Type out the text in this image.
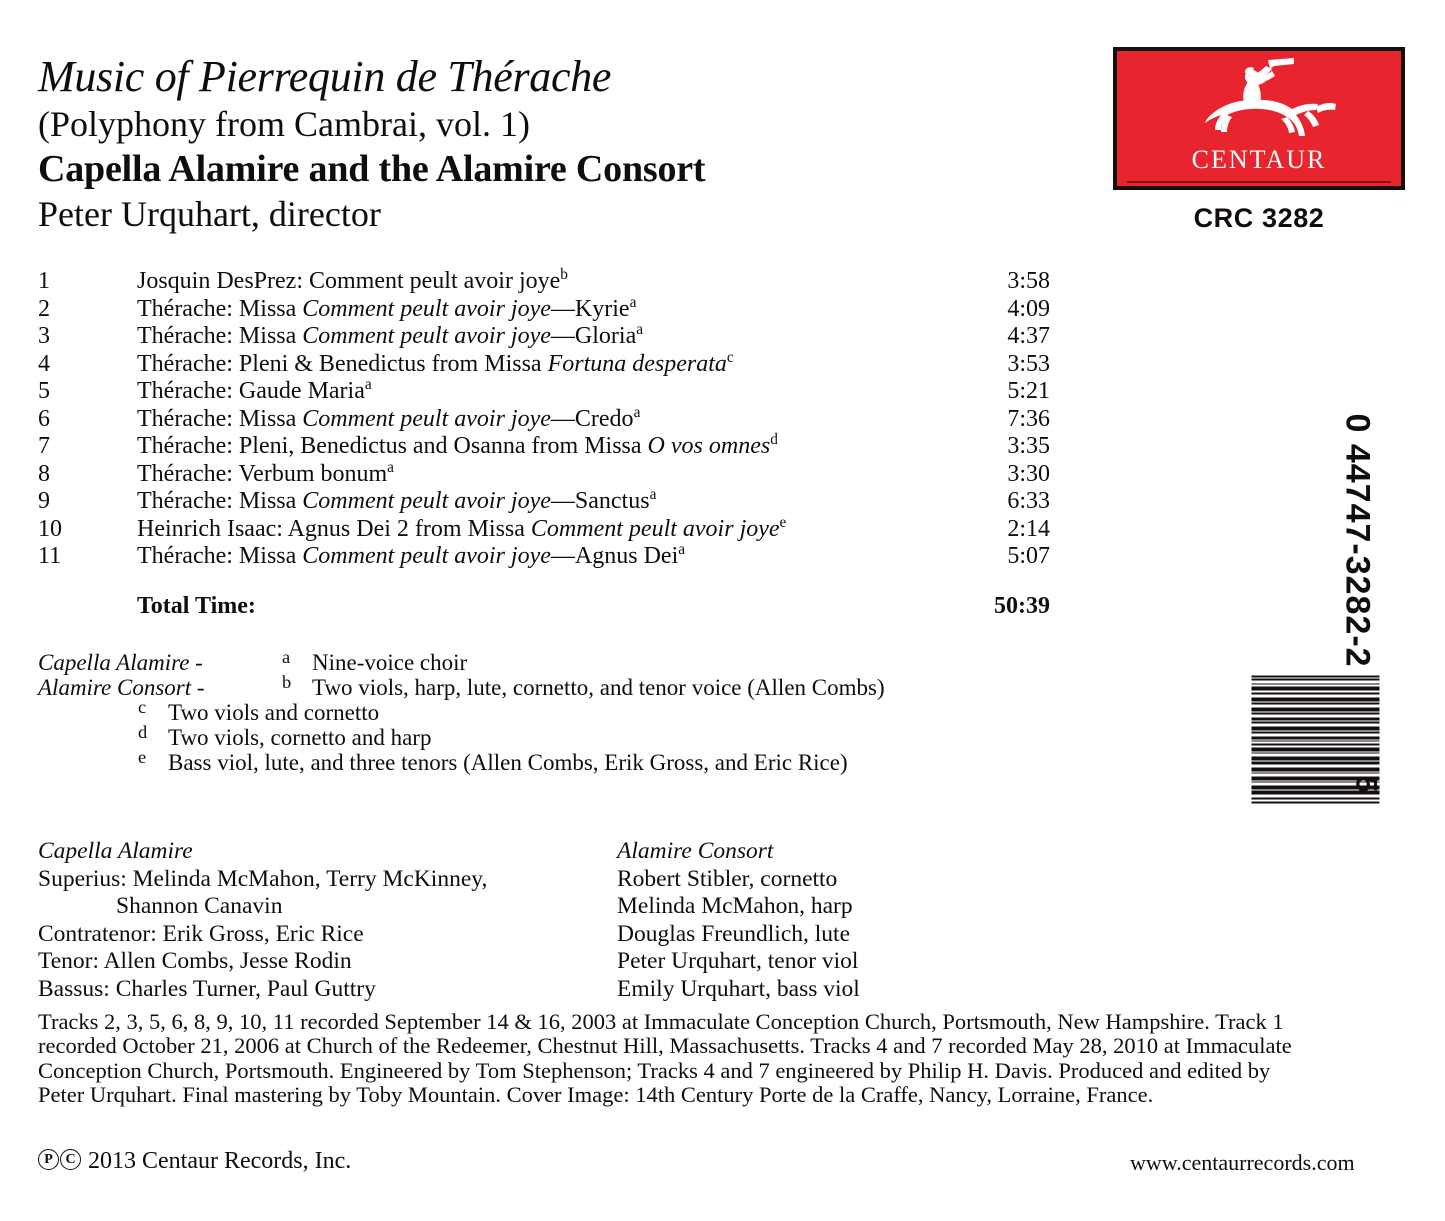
Music of Pierrequin de Thérache
(Polyphony from Cambrai, vol. 1)
Capella Alamire and the Alamire Consort
Peter Urquhart, director
centaur
CRC 3282
1	Josquin DesPrez: Comment peult avoir joye$^b$	3:58
2	Thérache: Missa Comment peult avoir joye—Kyrie$^a$	4:09
3	Thérache: Missa Comment peult avoir joye—Gloria$^a$	4:37
4	Thérache: Pleni & Benedictus from Missa Fortuna desperata$^c$	3:53
5	Thérache: Gaude Maria$^a$	5:21
6	Thérache: Missa Comment peult avoir joye—Credo$^a$	7:36
7	Thérache: Pleni, Benedictus and Osanna from Missa O vos omnes$^d$	3:35
8	Thérache: Verbum bonum$^a$	3:30
9	Thérache: Missa Comment peult avoir joye—Sanctus$^a$	6:33
10	Heinrich Isaac: Agnus Dei 2 from Missa Comment peult avoir joye$^e$	2:14
11	Thérache: Missa Comment peult avoir joye—Agnus Dei$^a$	5:07
Total Time:	50:39
Capella Alamire -	a Nine-voice choir
Alamire Consort -	b Two viols, harp, lute, cornetto, and tenor voice (Allen Combs)
c Two viols and cornetto
d Two viols, cornetto and harp
e Bass viol, lute, and three tenors (Allen Combs, Erik Gross, and Eric Rice)
Capella Alamire
Superius: Melinda McMahon, Terry McKinney,
Shannon Canavin
Contratenor: Erik Gross, Eric Rice
Tenor: Allen Combs, Jesse Rodin
Bassus: Charles Turner, Paul Guttry
Alamire Consort
Robert Stibler, cornetto
Melinda McMahon, harp
Douglas Freundlich, lute
Peter Urquhart, tenor viol
Emily Urquhart, bass viol
Tracks 2, 3, 5, 6, 8, 9, 10, 11 recorded September 14 & 16, 2003 at Immaculate Conception Church, Portsmouth, New Hampshire. Track 1
recorded October 21, 2006 at Church of the Redeemer, Chestnut Hill, Massachusetts. Tracks 4 and 7 recorded May 28, 2010 at Immaculate
Conception Church, Portsmouth. Engineered by Tom Stephenson; Tracks 4 and 7 engineered by Philip H. Davis. Produced and edited by
Peter Urquhart. Final mastering by Toby Mountain. Cover Image: 14th Century Porte de la Craffe, Nancy, Lorraine, France.
P C 2013 Centaur Records, Inc.	www.centaurrecords.com
0 44747-3282-2
5
